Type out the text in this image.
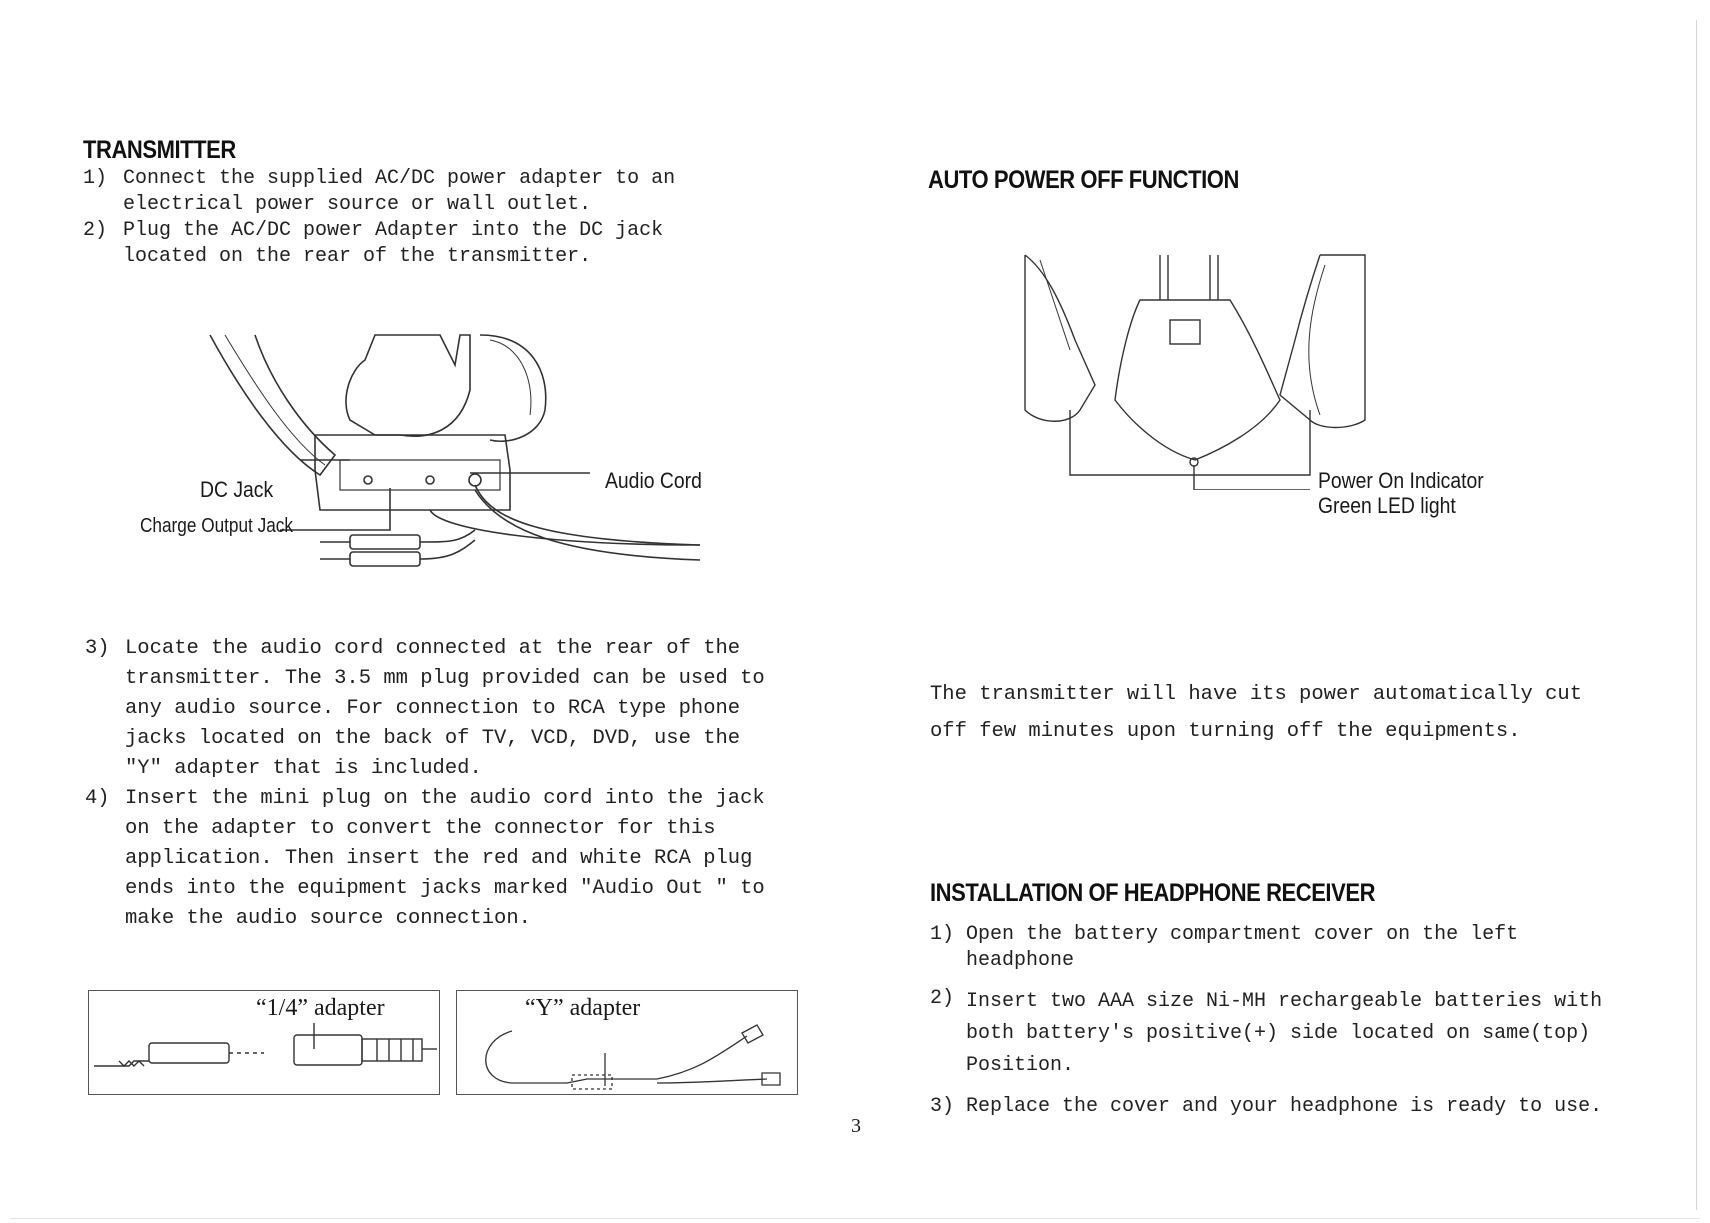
TRANSMITTER
1) Connect the supplied AC/DC power adapter to an electrical power source or wall outlet.
2) Plug the AC/DC power Adapter into the DC jack located on the rear of the transmitter.
DC Jack
Charge Output Jack
Audio Cord
3) Locate the audio cord connected at the rear of the transmitter. The 3.5 mm plug provided can be used to any audio source. For connection to RCA type phone jacks located on the back of TV, VCD, DVD, use the "Y" adapter that is included.
4) Insert the mini plug on the audio cord into the jack on the adapter to convert the connector for this application. Then insert the red and white RCA plug ends into the equipment jacks marked "Audio Out " to make the audio source connection.
“1/4” adapter	“Y” adapter
3
AUTO POWER OFF FUNCTION
Power On Indicator
Green LED light
The transmitter will have its power automatically cut off few minutes upon turning off the equipments.
INSTALLATION OF HEADPHONE RECEIVER
1) Open the battery compartment cover on the left headphone
2) Insert two AAA size Ni-MH rechargeable batteries with both battery's positive(+) side located on same(top) Position.
3) Replace the cover and your headphone is ready to use.
